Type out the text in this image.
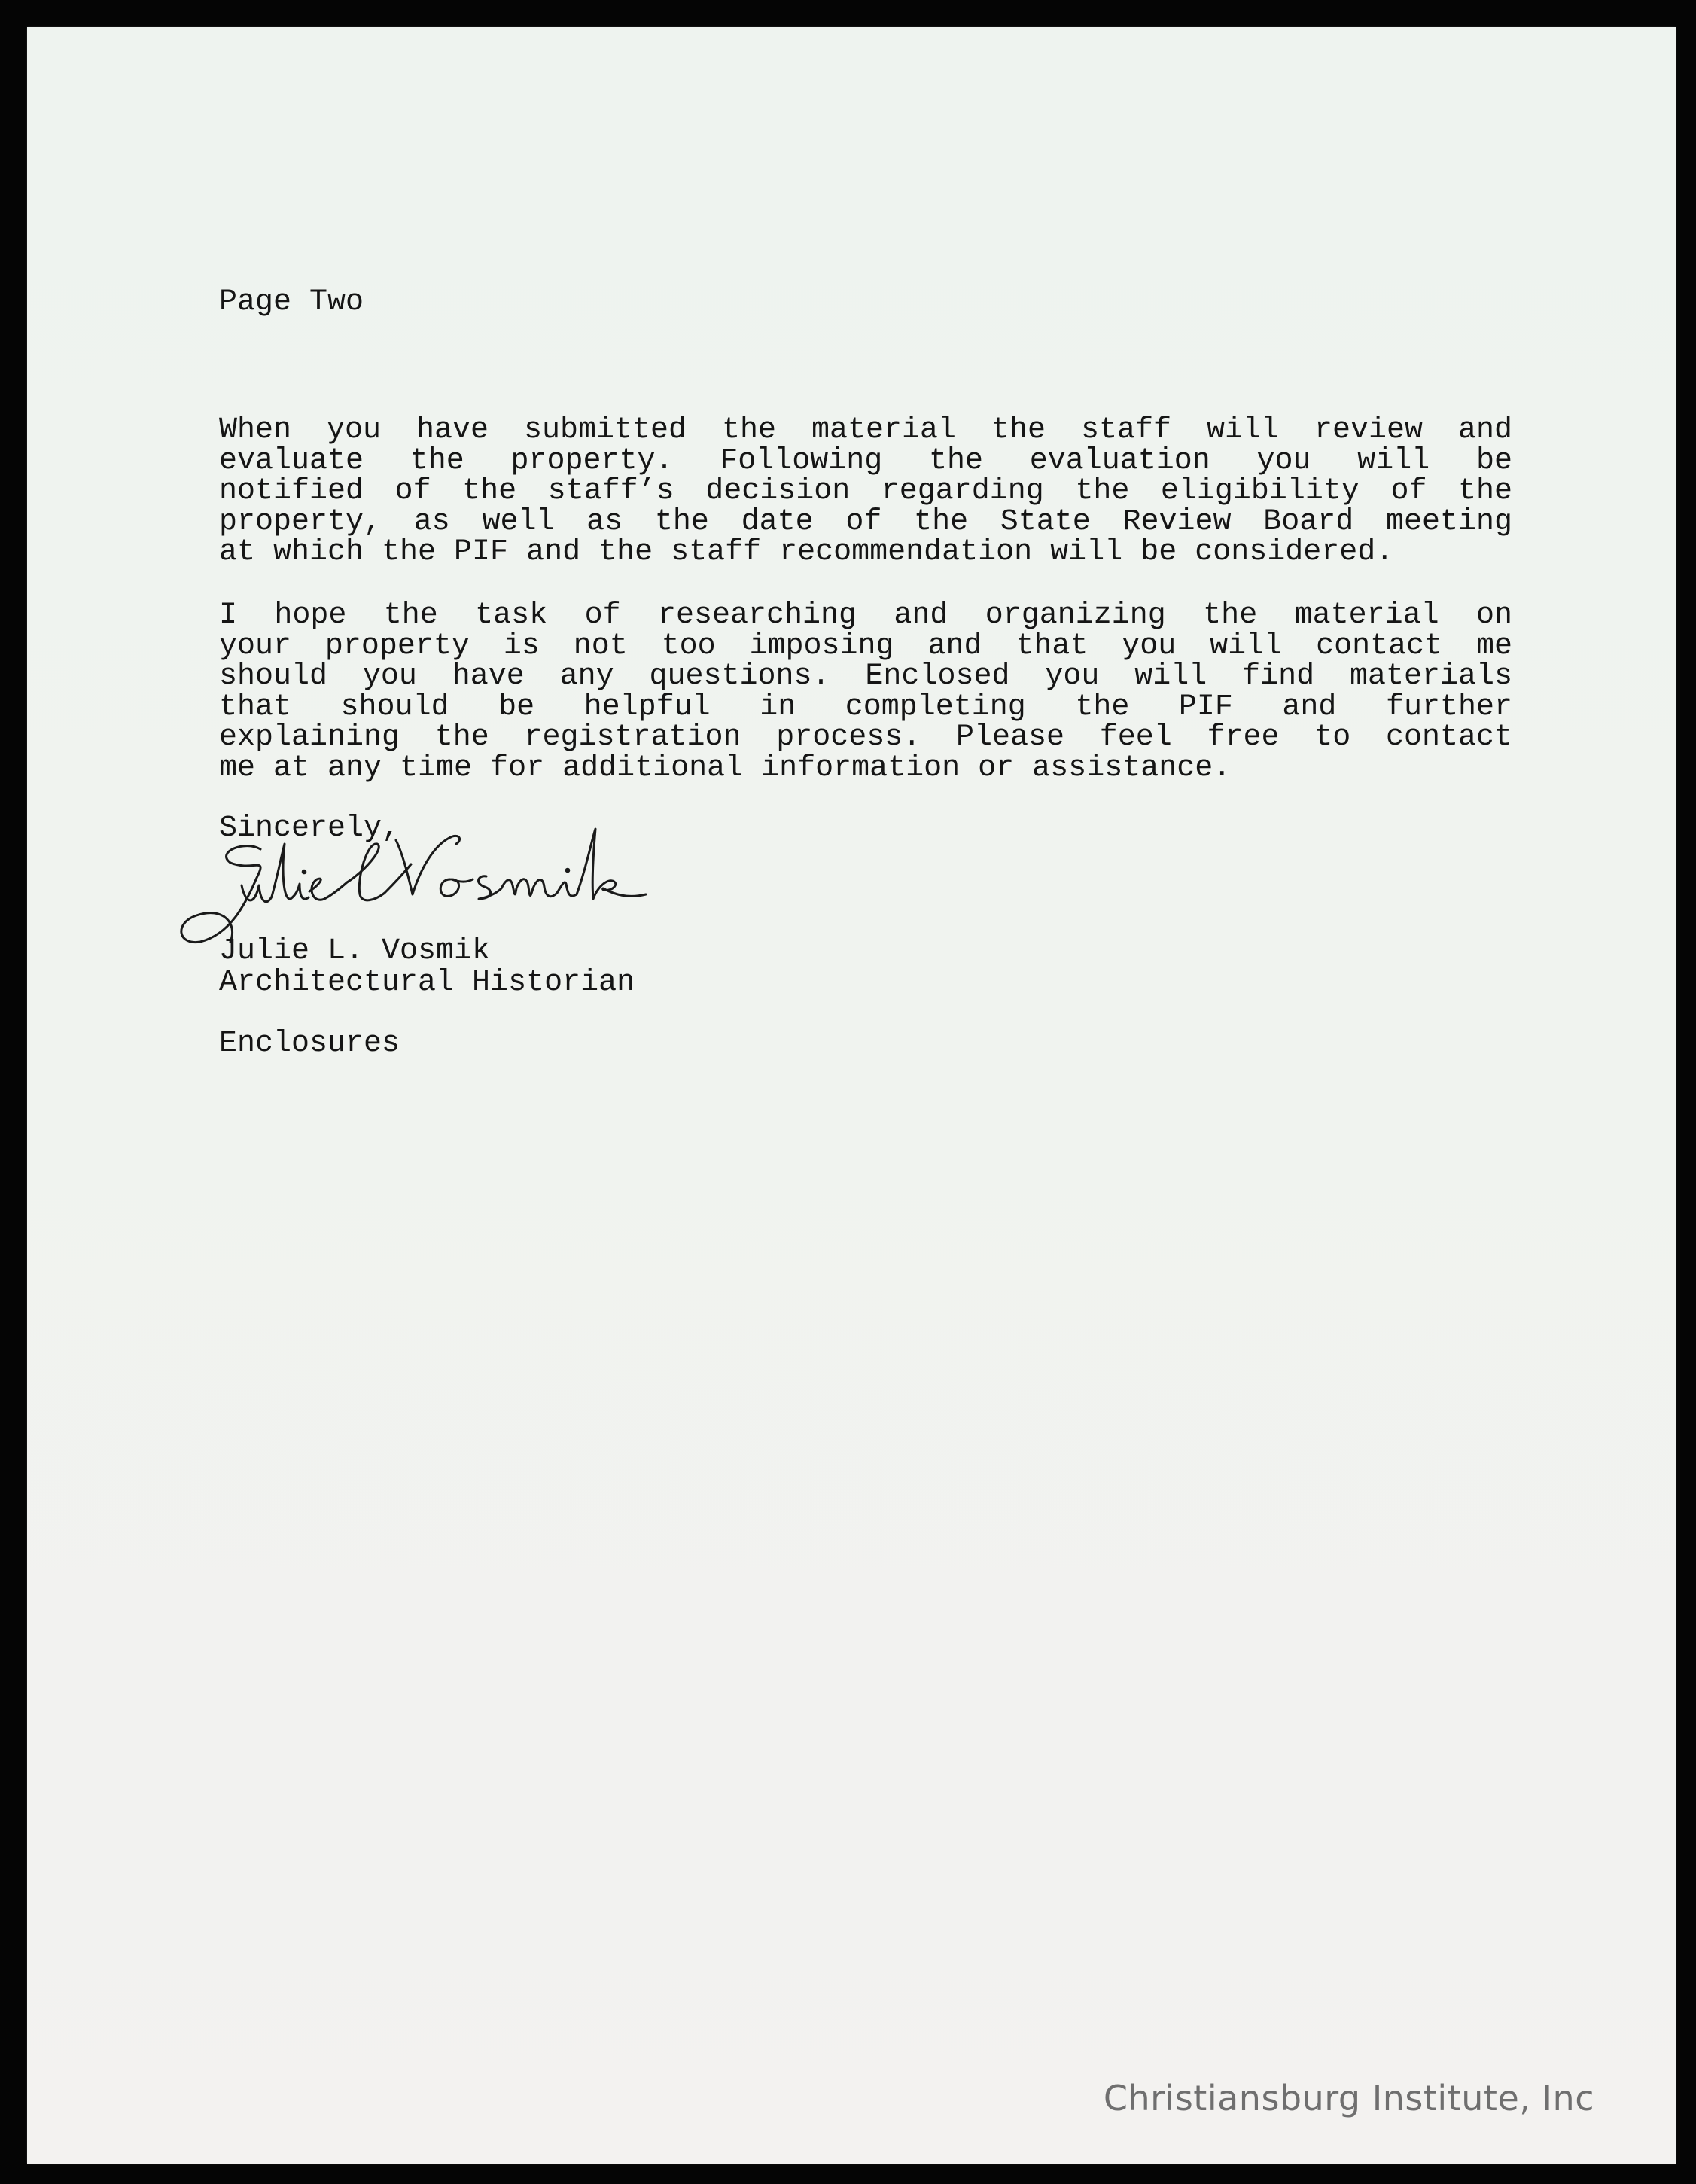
Page Two
When you have submitted the material the staff will review and
evaluate the property. Following the evaluation you will be
notified of the staff’s decision regarding the eligibility of the
property, as well as the date of the State Review Board meeting
at which the PIF and the staff recommendation will be considered.
I hope the task of researching and organizing the material on
your property is not too imposing and that you will contact me
should you have any questions. Enclosed you will find materials
that should be helpful in completing the PIF and further
explaining the registration process. Please feel free to contact
me at any time for additional information or assistance.
Sincerely,
Julie L. Vosmik
Architectural Historian
Enclosures
Christiansburg Institute, Inc
